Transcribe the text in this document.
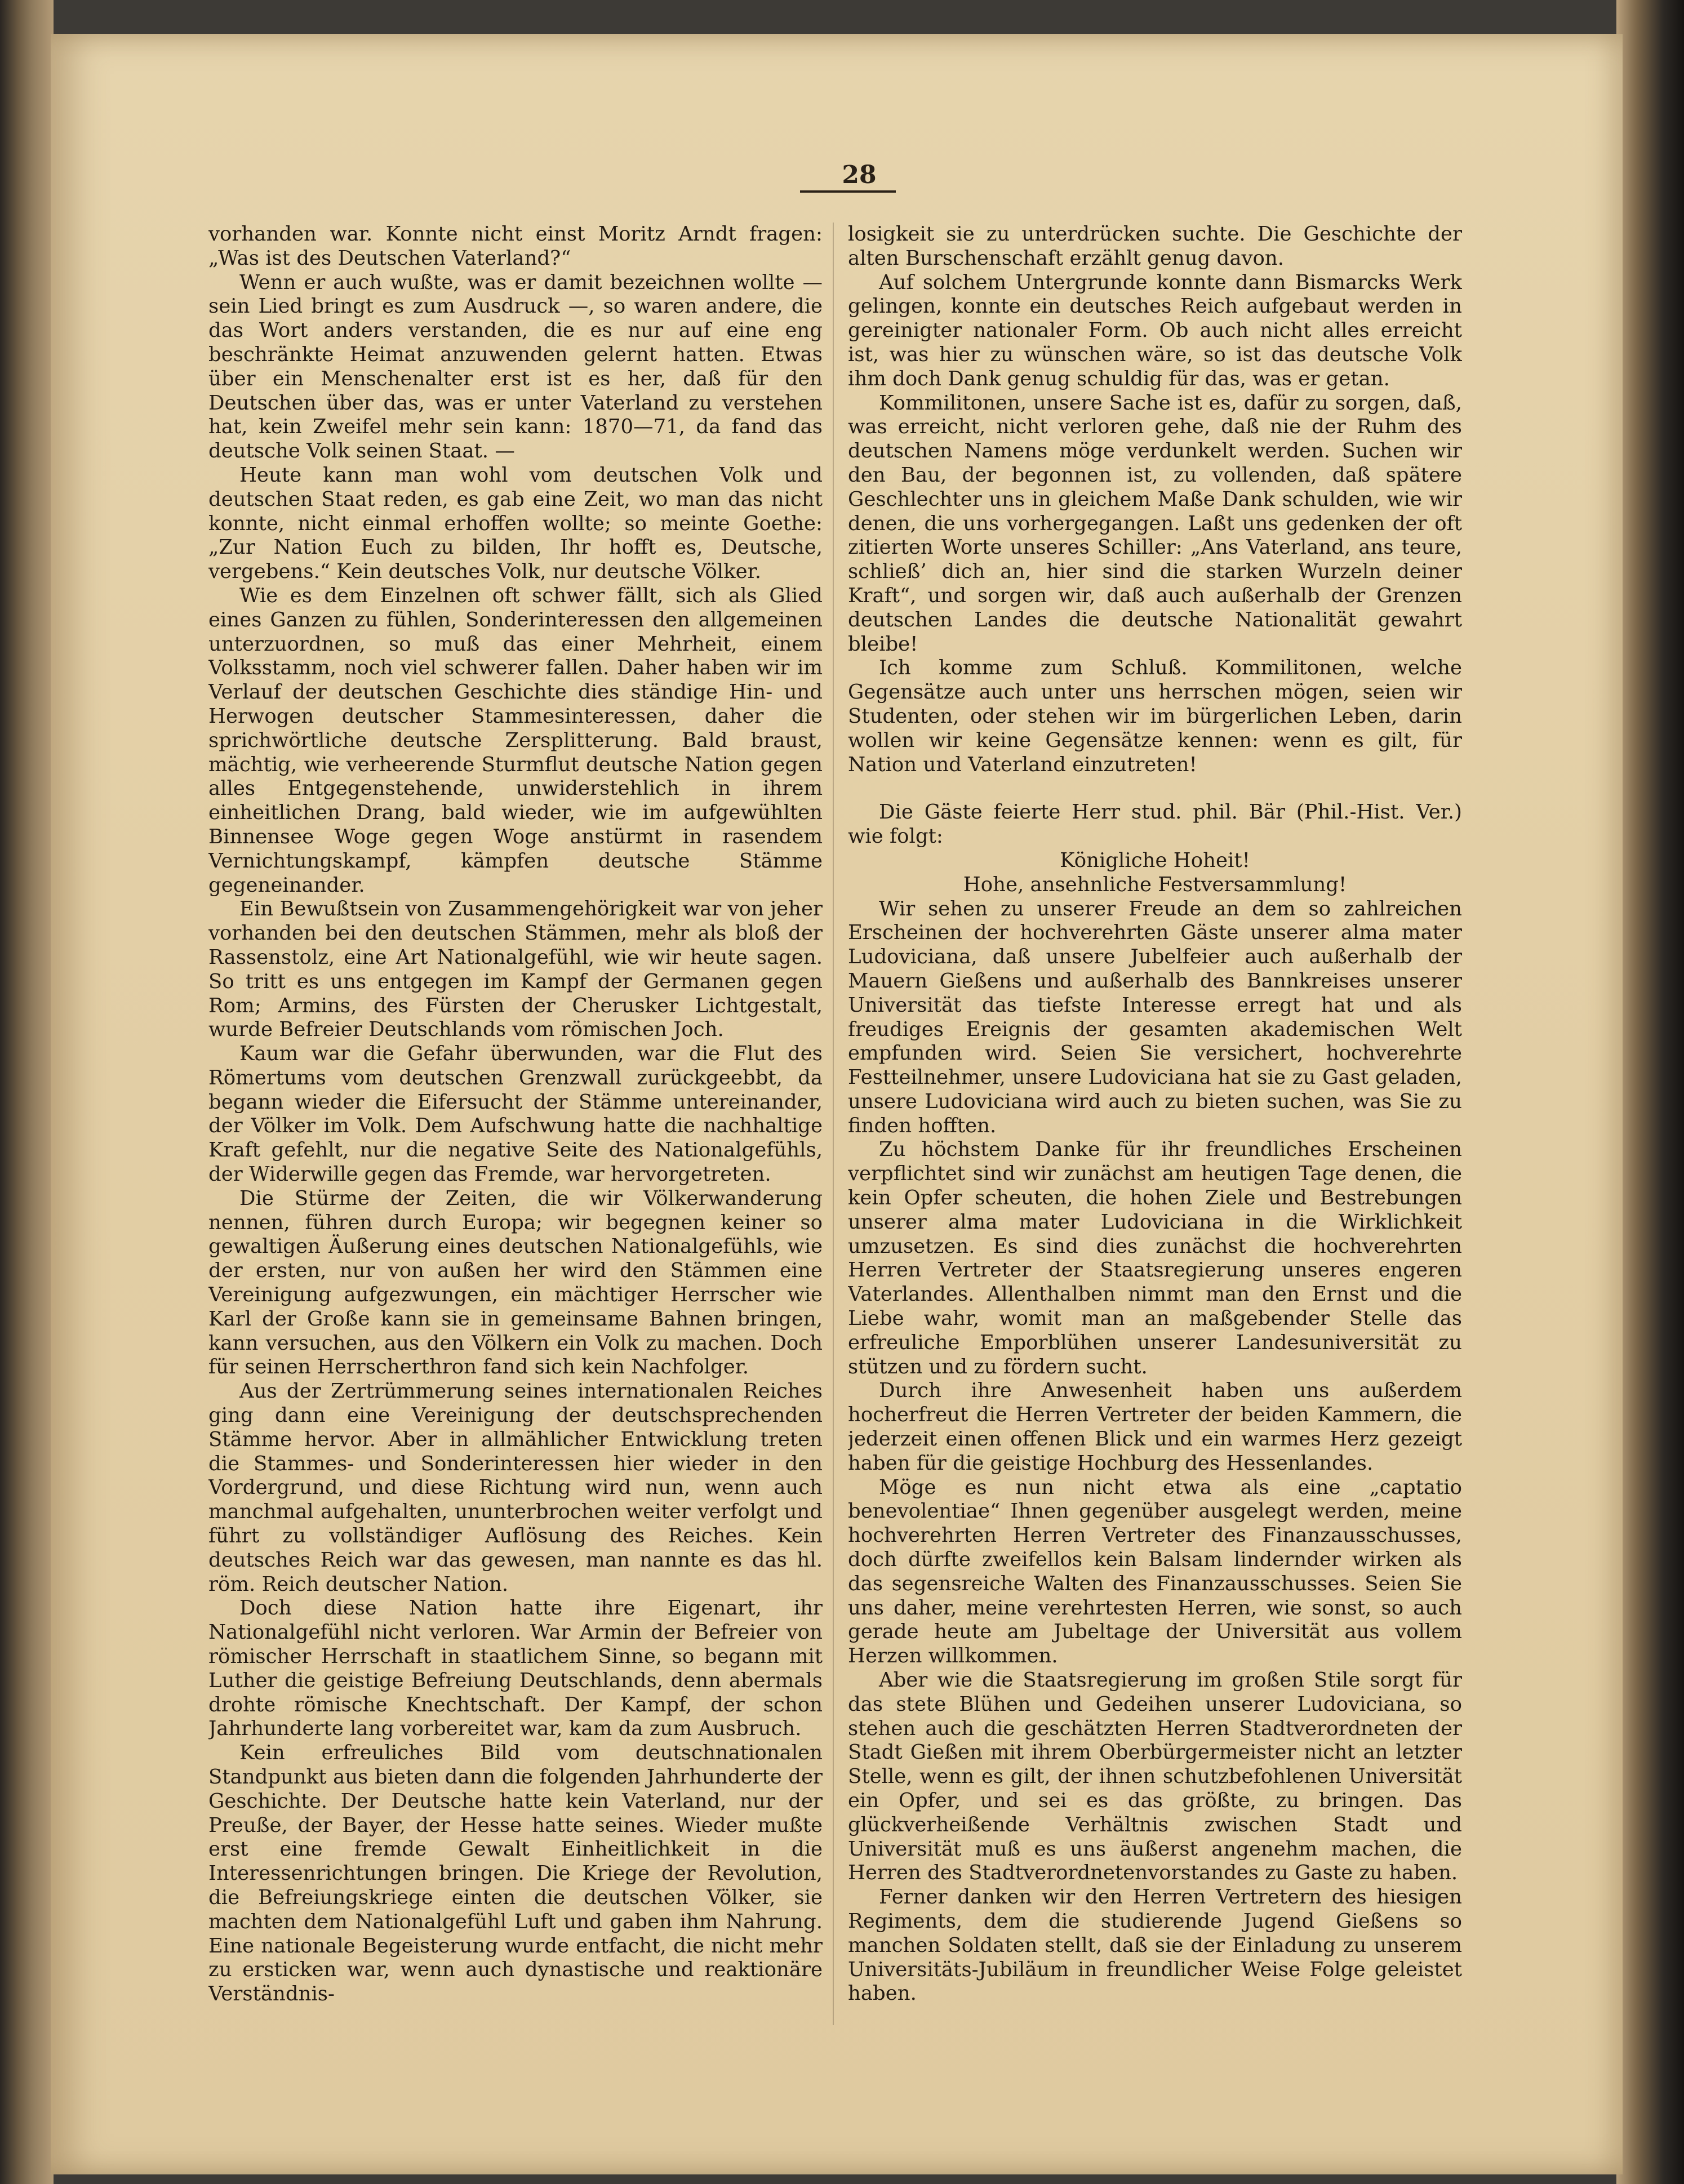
28

vorhanden war. Konnte nicht einst Moritz Arndt fragen: „Was ist des Deutschen Vaterland?“

Wenn er auch wußte, was er damit bezeichnen wollte — sein Lied bringt es zum Ausdruck —, so waren andere, die das Wort anders verstanden, die es nur auf eine eng beschränkte Heimat anzuwenden gelernt hatten. Etwas über ein Menschenalter erst ist es her, daß für den Deutschen über das, was er unter Vaterland zu verstehen hat, kein Zweifel mehr sein kann: 1870—71, da fand das deutsche Volk seinen Staat. —

Heute kann man wohl vom deutschen Volk und deutschen Staat reden, es gab eine Zeit, wo man das nicht konnte, nicht einmal erhoffen wollte; so meinte Goethe: „Zur Nation Euch zu bilden, Ihr hofft es, Deutsche, vergebens.“ Kein deutsches Volk, nur deutsche Völker.

Wie es dem Einzelnen oft schwer fällt, sich als Glied eines Ganzen zu fühlen, Sonderinteressen den allgemeinen unterzuordnen, so muß das einer Mehrheit, einem Volksstamm, noch viel schwerer fallen. Daher haben wir im Verlauf der deutschen Geschichte dies ständige Hin- und Herwogen deutscher Stammesinteressen, daher die sprichwörtliche deutsche Zersplitterung. Bald braust, mächtig, wie verheerende Sturmflut deutsche Nation gegen alles Entgegenstehende, unwiderstehlich in ihrem einheitlichen Drang, bald wieder, wie im aufgewühlten Binnensee Woge gegen Woge anstürmt in rasendem Vernichtungskampf, kämpfen deutsche Stämme gegeneinander.

Ein Bewußtsein von Zusammengehörigkeit war von jeher vorhanden bei den deutschen Stämmen, mehr als bloß der Rassenstolz, eine Art Nationalgefühl, wie wir heute sagen. So tritt es uns entgegen im Kampf der Germanen gegen Rom; Armins, des Fürsten der Cherusker Lichtgestalt, wurde Befreier Deutschlands vom römischen Joch.

Kaum war die Gefahr überwunden, war die Flut des Römertums vom deutschen Grenzwall zurückgeebbt, da begann wieder die Eifersucht der Stämme untereinander, der Völker im Volk. Dem Aufschwung hatte die nachhaltige Kraft gefehlt, nur die negative Seite des Nationalgefühls, der Widerwille gegen das Fremde, war hervorgetreten.

Die Stürme der Zeiten, die wir Völkerwanderung nennen, führen durch Europa; wir begegnen keiner so gewaltigen Äußerung eines deutschen Nationalgefühls, wie der ersten, nur von außen her wird den Stämmen eine Vereinigung aufgezwungen, ein mächtiger Herrscher wie Karl der Große kann sie in gemeinsame Bahnen bringen, kann versuchen, aus den Völkern ein Volk zu machen. Doch für seinen Herrscherthron fand sich kein Nachfolger.

Aus der Zertrümmerung seines internationalen Reiches ging dann eine Vereinigung der deutschsprechenden Stämme hervor. Aber in allmählicher Entwicklung treten die Stammes- und Sonderinteressen hier wieder in den Vordergrund, und diese Richtung wird nun, wenn auch manchmal aufgehalten, ununterbrochen weiter verfolgt und führt zu vollständiger Auflösung des Reiches. Kein deutsches Reich war das gewesen, man nannte es das hl. röm. Reich deutscher Nation.

Doch diese Nation hatte ihre Eigenart, ihr Nationalgefühl nicht verloren. War Armin der Befreier von römischer Herrschaft in staatlichem Sinne, so begann mit Luther die geistige Befreiung Deutschlands, denn abermals drohte römische Knechtschaft. Der Kampf, der schon Jahrhunderte lang vorbereitet war, kam da zum Ausbruch.

Kein erfreuliches Bild vom deutschnationalen Standpunkt aus bieten dann die folgenden Jahrhunderte der Geschichte. Der Deutsche hatte kein Vaterland, nur der Preuße, der Bayer, der Hesse hatte seines. Wieder mußte erst eine fremde Gewalt Einheitlichkeit in die Interessenrichtungen bringen. Die Kriege der Revolution, die Befreiungskriege einten die deutschen Völker, sie machten dem Nationalgefühl Luft und gaben ihm Nahrung. Eine nationale Begeisterung wurde entfacht, die nicht mehr zu ersticken war, wenn auch dynastische und reaktionäre Verständnis-

losigkeit sie zu unterdrücken suchte. Die Geschichte der alten Burschenschaft erzählt genug davon.

Auf solchem Untergrunde konnte dann Bismarcks Werk gelingen, konnte ein deutsches Reich aufgebaut werden in gereinigter nationaler Form. Ob auch nicht alles erreicht ist, was hier zu wünschen wäre, so ist das deutsche Volk ihm doch Dank genug schuldig für das, was er getan.

Kommilitonen, unsere Sache ist es, dafür zu sorgen, daß, was erreicht, nicht verloren gehe, daß nie der Ruhm des deutschen Namens möge verdunkelt werden. Suchen wir den Bau, der begonnen ist, zu vollenden, daß spätere Geschlechter uns in gleichem Maße Dank schulden, wie wir denen, die uns vorhergegangen. Laßt uns gedenken der oft zitierten Worte unseres Schiller: „Ans Vaterland, ans teure, schließ’ dich an, hier sind die starken Wurzeln deiner Kraft“, und sorgen wir, daß auch außerhalb der Grenzen deutschen Landes die deutsche Nationalität gewahrt bleibe!

Ich komme zum Schluß. Kommilitonen, welche Gegensätze auch unter uns herrschen mögen, seien wir Studenten, oder stehen wir im bürgerlichen Leben, darin wollen wir keine Gegensätze kennen: wenn es gilt, für Nation und Vaterland einzutreten!

Die Gäste feierte Herr stud. phil. Bär (Phil.-Hist. Ver.) wie folgt:

Königliche Hoheit!

Hohe, ansehnliche Festversammlung!

Wir sehen zu unserer Freude an dem so zahlreichen Erscheinen der hochverehrten Gäste unserer alma mater Ludoviciana, daß unsere Jubelfeier auch außerhalb der Mauern Gießens und außerhalb des Bannkreises unserer Universität das tiefste Interesse erregt hat und als freudiges Ereignis der gesamten akademischen Welt empfunden wird. Seien Sie versichert, hochverehrte Festteilnehmer, unsere Ludoviciana hat sie zu Gast geladen, unsere Ludoviciana wird auch zu bieten suchen, was Sie zu finden hofften.

Zu höchstem Danke für ihr freundliches Erscheinen verpflichtet sind wir zunächst am heutigen Tage denen, die kein Opfer scheuten, die hohen Ziele und Bestrebungen unserer alma mater Ludoviciana in die Wirklichkeit umzusetzen. Es sind dies zunächst die hochverehrten Herren Vertreter der Staatsregierung unseres engeren Vaterlandes. Allenthalben nimmt man den Ernst und die Liebe wahr, womit man an maßgebender Stelle das erfreuliche Emporblühen unserer Landesuniversität zu stützen und zu fördern sucht.

Durch ihre Anwesenheit haben uns außerdem hocherfreut die Herren Vertreter der beiden Kammern, die jederzeit einen offenen Blick und ein warmes Herz gezeigt haben für die geistige Hochburg des Hessenlandes.

Möge es nun nicht etwa als eine „captatio benevolentiae“ Ihnen gegenüber ausgelegt werden, meine hochverehrten Herren Vertreter des Finanzausschusses, doch dürfte zweifellos kein Balsam lindernder wirken als das segensreiche Walten des Finanzausschusses. Seien Sie uns daher, meine verehrtesten Herren, wie sonst, so auch gerade heute am Jubeltage der Universität aus vollem Herzen willkommen.

Aber wie die Staatsregierung im großen Stile sorgt für das stete Blühen und Gedeihen unserer Ludoviciana, so stehen auch die geschätzten Herren Stadtverordneten der Stadt Gießen mit ihrem Oberbürgermeister nicht an letzter Stelle, wenn es gilt, der ihnen schutzbefohlenen Universität ein Opfer, und sei es das größte, zu bringen. Das glückverheißende Verhältnis zwischen Stadt und Universität muß es uns äußerst angenehm machen, die Herren des Stadtverordnetenvorstandes zu Gaste zu haben.

Ferner danken wir den Herren Vertretern des hiesigen Regiments, dem die studierende Jugend Gießens so manchen Soldaten stellt, daß sie der Einladung zu unserem Universitäts-Jubiläum in freundlicher Weise Folge geleistet haben.
